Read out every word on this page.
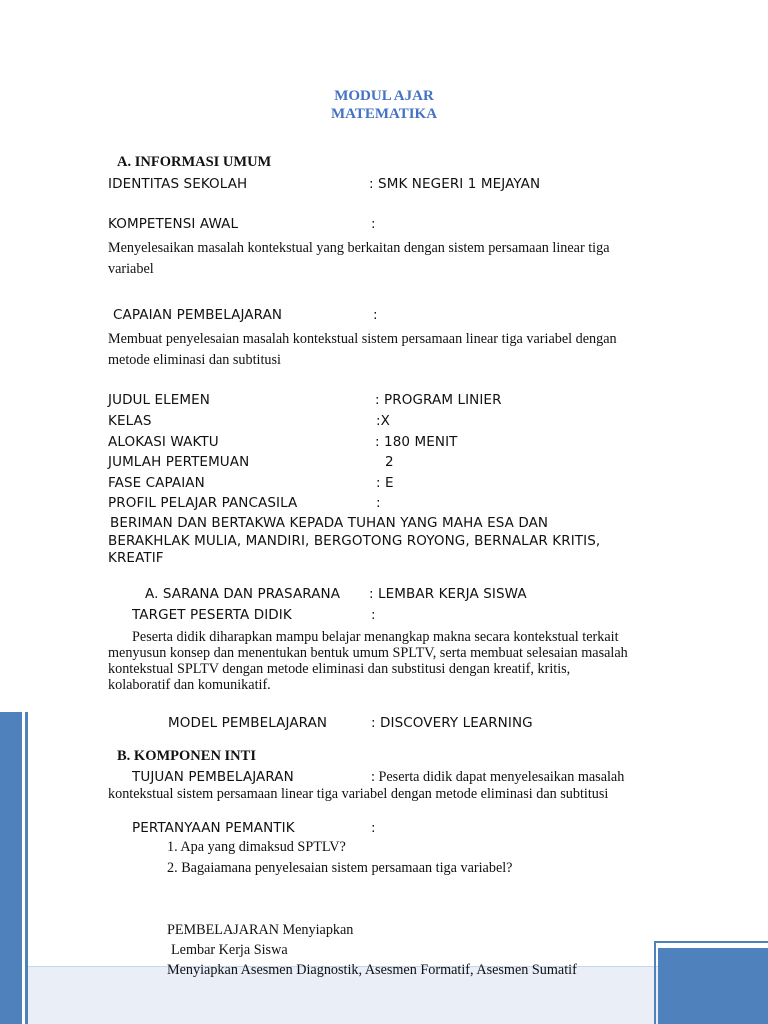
MODUL AJAR
MATEMATIKA
A. INFORMASI UMUM
IDENTITAS SEKOLAH	: SMK NEGERI 1 MEJAYAN
KOMPETENSI AWAL	:
Menyelesaikan masalah kontekstual yang berkaitan dengan sistem persamaan linear tiga
variabel
CAPAIAN PEMBELAJARAN	:
Membuat penyelesaian masalah kontekstual sistem persamaan linear tiga variabel dengan
metode eliminasi dan subtitusi
JUDUL ELEMEN	: PROGRAM LINIER
KELAS	:X
ALOKASI WAKTU	: 180 MENIT
JUMLAH PERTEMUAN	2
FASE CAPAIAN	: E
PROFIL PELAJAR PANCASILA	:
BERIMAN DAN BERTAKWA KEPADA TUHAN YANG MAHA ESA DAN
BERAKHLAK MULIA, MANDIRI, BERGOTONG ROYONG, BERNALAR KRITIS,
KREATIF
A. SARANA DAN PRASARANA : LEMBAR KERJA SISWA
TARGET PESERTA DIDIK	:
Peserta didik diharapkan mampu belajar menangkap makna secara kontekstual terkait
menyusun konsep dan menentukan bentuk umum SPLTV, serta membuat selesaian masalah
kontekstual SPLTV dengan metode eliminasi dan substitusi dengan kreatif, kritis,
kolaboratif dan komunikatif.
MODEL PEMBELAJARAN	: DISCOVERY LEARNING
B. KOMPONEN INTI
TUJUAN PEMBELAJARAN	: Peserta didik dapat menyelesaikan masalah
kontekstual sistem persamaan linear tiga variabel dengan metode eliminasi dan subtitusi
PERTANYAAN PEMANTIK	:
1. Apa yang dimaksud SPTLV?
2. Bagaiamana penyelesaian sistem persamaan tiga variabel?
PEMBELAJARAN Menyiapkan
Lembar Kerja Siswa
Menyiapkan Asesmen Diagnostik, Asesmen Formatif, Asesmen Sumatif
